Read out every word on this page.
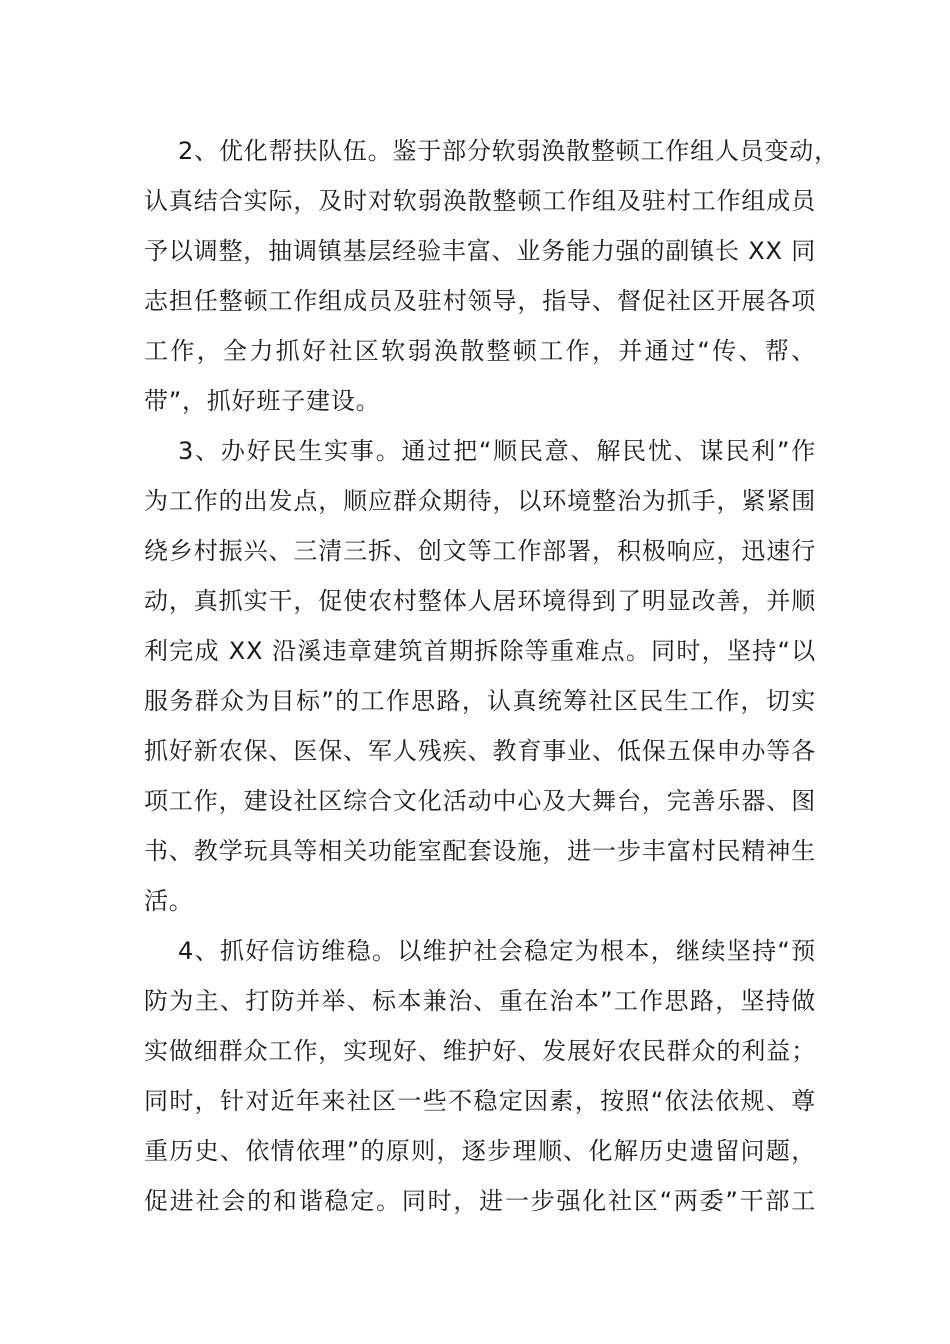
2、优化帮扶队伍。鉴于部分软弱涣散整顿工作组人员变动，
认真结合实际，及时对软弱涣散整顿工作组及驻村工作组成员
予以调整，抽调镇基层经验丰富、业务能力强的副镇长 XX 同
志担任整顿工作组成员及驻村领导，指导、督促社区开展各项
工作，全力抓好社区软弱涣散整顿工作，并通过“传、帮、
带”，抓好班子建设。
3、办好民生实事。通过把“顺民意、解民忧、谋民利”作
为工作的出发点，顺应群众期待，以环境整治为抓手，紧紧围
绕乡村振兴、三清三拆、创文等工作部署，积极响应，迅速行
动，真抓实干，促使农村整体人居环境得到了明显改善，并顺
利完成 XX 沿溪违章建筑首期拆除等重难点。同时，坚持“以
服务群众为目标”的工作思路，认真统筹社区民生工作，切实
抓好新农保、医保、军人残疾、教育事业、低保五保申办等各
项工作，建设社区综合文化活动中心及大舞台，完善乐器、图
书、教学玩具等相关功能室配套设施，进一步丰富村民精神生
活。
4、抓好信访维稳。以维护社会稳定为根本，继续坚持“预
防为主、打防并举、标本兼治、重在治本”工作思路，坚持做
实做细群众工作，实现好、维护好、发展好农民群众的利益；
同时，针对近年来社区一些不稳定因素，按照“依法依规、尊
重历史、依情依理”的原则，逐步理顺、化解历史遗留问题，
促进社会的和谐稳定。同时，进一步强化社区“两委”干部工
